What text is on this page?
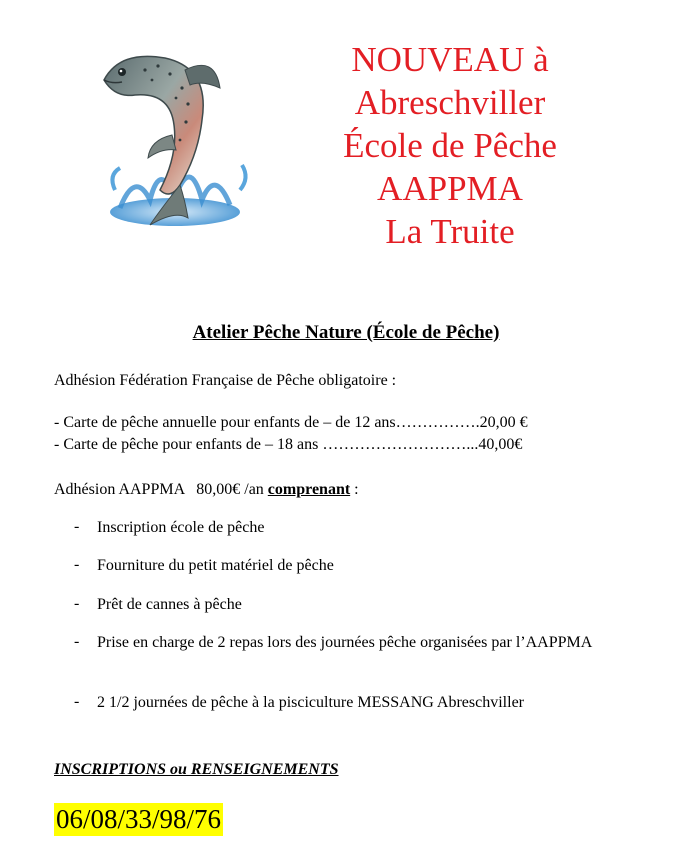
NOUVEAU à
Abreschviller
École de Pêche
AAPPMA
La Truite
Atelier Pêche Nature (École de Pêche)
Adhésion Fédération Française de Pêche obligatoire :
- Carte de pêche annuelle pour enfants de – de 12 ans…………….20,00 €
- Carte de pêche pour enfants de – 18 ans ………………………...40,00€
Adhésion AAPPMA   80,00€ /an comprenant :
-	Inscription école de pêche
-	Fourniture du petit matériel de pêche
-	Prêt de cannes à pêche
-	Prise en charge de 2 repas lors des journées pêche organisées par l’AAPPMA
-	2 1/2 journées de pêche à la pisciculture MESSANG Abreschviller
INSCRIPTIONS ou RENSEIGNEMENTS
06/08/33/98/76
